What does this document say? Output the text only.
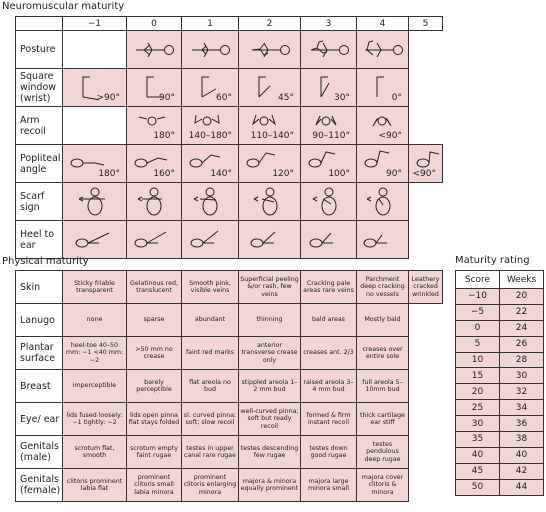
Neuromuscular maturity
	−1	0	1	2	3	4	5
Posture		

Square window (wrist)	>90°	90°	60°	45°	30°	0°	

Arm recoil		180°	140–180°	110–140°	90–110°	<90°	

Popliteal angle	180°	160°	140°	120°	100°	90°	<90°

Scarf sign	

Heel to ear	

Physical maturity
Skin	Sticky friable transparent	Gelatinous red, translucent	Smooth pink, visible veins	Superficial peeling &/or rash, few veins	Cracking pale areas rare veins	Parchment deep cracking no vessels	Leathery cracked wrinkled
Lanugo	none	sparse	abundant	thinning	bald areas	Mostly bald	
Plantar surface	heel-toe 40–50 mm: −1 <40 mm: −2	>50 mm no crease	faint red marks	anterior transverse crease only	creases ant. 2/3	creases over entire sole	
Breast	imperceptible	barely perceptible	flat areola no bud	stippled areola 1–2 mm bud	raised areola 3–4 mm bud	full areola 5–10mm bud	
Eye/ ear	lids fused loosely: −1 tightly: −2	lids open pinna flat stays folded	sl. curved pinna; soft; slow recoil	well-curved pinna; soft but ready recoil	formed & firm instant recoil	thick cartilage ear stiff	
Genitals (male)	scrotum flat, smooth	scrotum empty faint rugae	testes in upper canal rare rugae	testes descending few rugae	testes down good rugae	testes pendulous deep rugae	
Genitals (female)	clitoris prominent labia flat	prominent clitoris small labia minora	prominent clitoris enlarging minora	majora & minora equally prominent	majora large minora small	majora cover clitoris & minora	
Maturity rating
Score	Weeks
−10	20
−5	22
0	24
5	26
10	28
15	30
20	32
25	34
30	36
35	38
40	40
45	42
50	44
